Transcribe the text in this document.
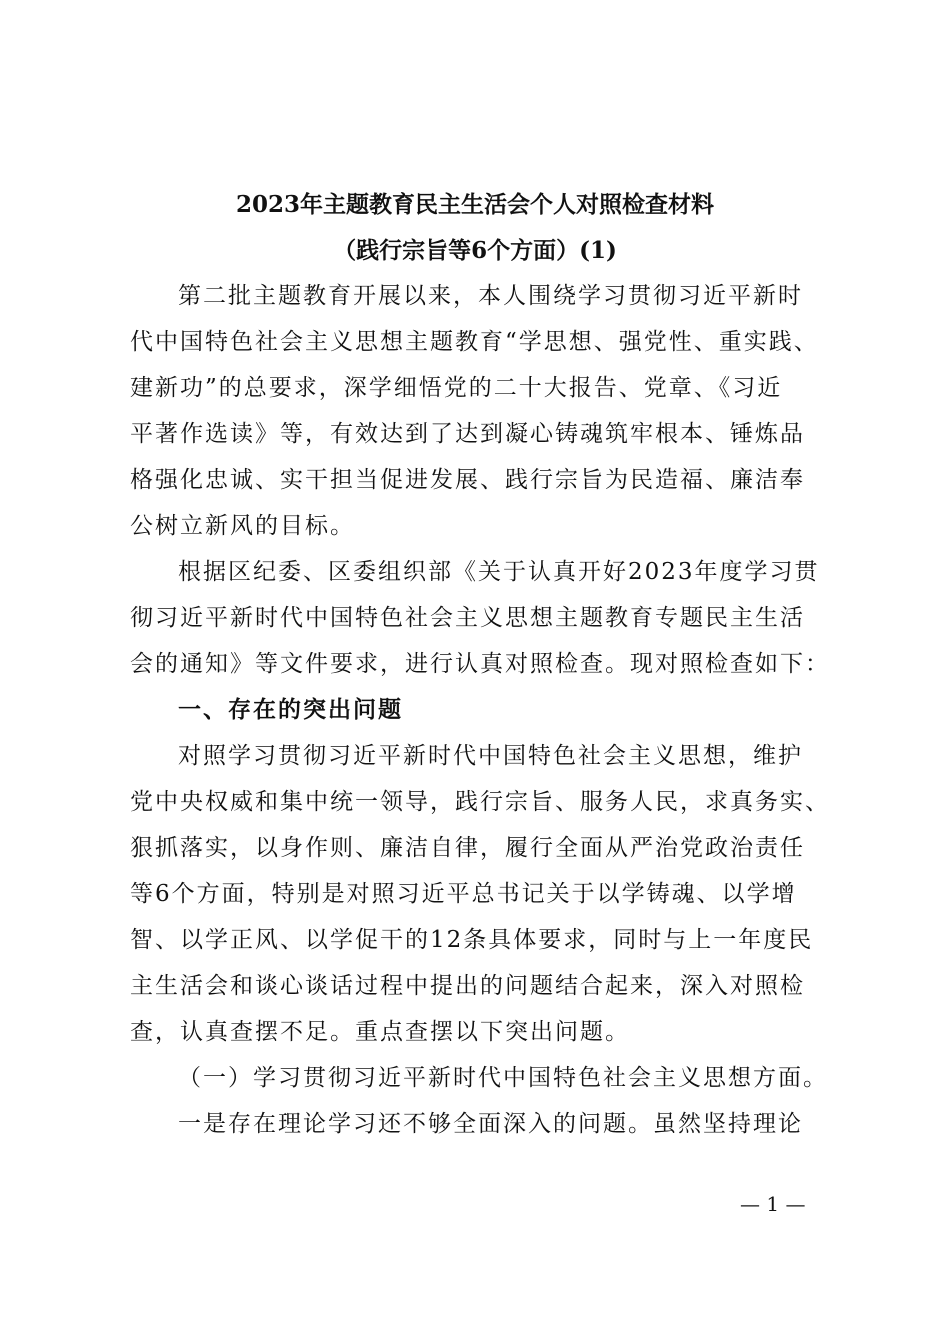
2023年主题教育民主生活会个人对照检查材料
（践行宗旨等6个方面）(1)
第二批主题教育开展以来，本人围绕学习贯彻习近平新时
代中国特色社会主义思想主题教育“学思想、强党性、重实践、
建新功”的总要求，深学细悟党的二十大报告、党章、《习近
平著作选读》等，有效达到了达到凝心铸魂筑牢根本、锤炼品
格强化忠诚、实干担当促进发展、践行宗旨为民造福、廉洁奉
公树立新风的目标。
根据区纪委、区委组织部《关于认真开好2023年度学习贯
彻习近平新时代中国特色社会主义思想主题教育专题民主生活
会的通知》等文件要求，进行认真对照检查。现对照检查如下：
一、存在的突出问题
对照学习贯彻习近平新时代中国特色社会主义思想，维护
党中央权威和集中统一领导，践行宗旨、服务人民，求真务实、
狠抓落实，以身作则、廉洁自律，履行全面从严治党政治责任
等6个方面，特别是对照习近平总书记关于以学铸魂、以学增
智、以学正风、以学促干的12条具体要求，同时与上一年度民
主生活会和谈心谈话过程中提出的问题结合起来，深入对照检
查，认真查摆不足。重点查摆以下突出问题。
（一）学习贯彻习近平新时代中国特色社会主义思想方面。
一是存在理论学习还不够全面深入的问题。虽然坚持理论
— 1 —
